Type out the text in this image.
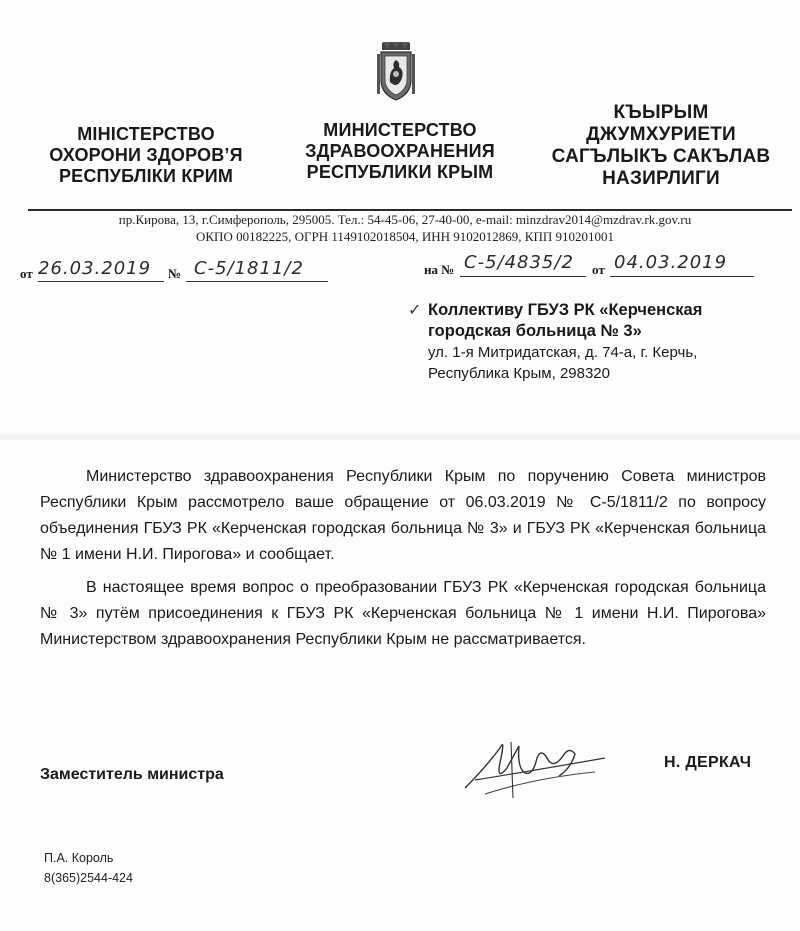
МІНІСТЕРСТВО
ОХОРОНИ ЗДОРОВ’Я
РЕСПУБЛІКИ КРИМ
МИНИСТЕРСТВО
ЗДРАВООХРАНЕНИЯ
РЕСПУБЛИКИ КРЫМ
КЪЫРЫМ
ДЖУМХУРИЕТИ
САГЪЛЫКЪ САКЪЛАВ
НАЗИРЛИГИ
пр.Кирова, 13, г.Симферополь, 295005. Тел.: 54-45-06, 27-40-00, e-mail: minzdrav2014@mzdrav.rk.gov.ru
ОКПО 00182225, ОГРН 1149102018504, ИНН 9102012869, КПП 910201001
от 26.03.2019 № С-5/1811/2	на № С-5/4835/2 от 04.03.2019
✓ Коллективу ГБУЗ РК «Керченская
городская больница № 3»
ул. 1-я Митридатская, д. 74-а, г. Керчь,
Республика Крым, 298320

Министерство здравоохранения Республики Крым по поручению Совета министров Республики Крым рассмотрело ваше обращение от 06.03.2019 № С-5/1811/2 по вопросу объединения ГБУЗ РК «Керченская городская больница № 3» и ГБУЗ РК «Керченская больница № 1 имени Н.И. Пирогова» и сообщает.

В настоящее время вопрос о преобразовании ГБУЗ РК «Керченская городская больница № 3» путём присоединения к ГБУЗ РК «Керченская больница № 1 имени Н.И. Пирогова» Министерством здравоохранения Республики Крым не рассматривается.

Заместитель министра
Н. ДЕРКАЧ
П.А. Король
8(365)2544-424
